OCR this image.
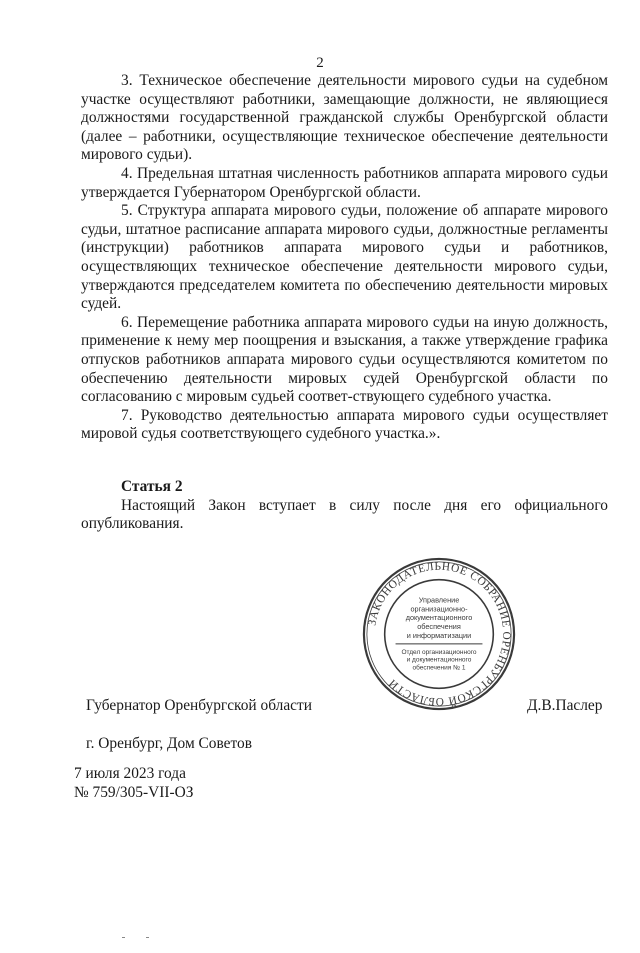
2

3. Техническое обеспечение деятельности мирового судьи на судебном участке осуществляют работники, замещающие должности, не являющиеся должностями государственной гражданской службы Оренбургской области (далее – работники, осуществляющие техническое обеспечение деятельности мирового судьи).

4. Предельная штатная численность работников аппарата мирового судьи утверждается Губернатором Оренбургской области.

5. Структура аппарата мирового судьи, положение об аппарате мирового судьи, штатное расписание аппарата мирового судьи, должностные регламенты (инструкции) работников аппарата мирового судьи и работников, осуществляющих техническое обеспечение деятельности мирового судьи, утверждаются председателем комитета по обеспечению деятельности мировых судей.

6. Перемещение работника аппарата мирового судьи на иную должность, применение к нему мер поощрения и взыскания, а также утверждение графика отпусков работников аппарата мирового судьи осуществляются комитетом по обеспечению деятельности мировых судей Оренбургской области по согласованию с мировым судьей соответ-ствующего судебного участка.

7. Руководство деятельностью аппарата мирового судьи осуществляет мировой судья соответствующего судебного участка.».

Статья 2

Настоящий Закон вступает в силу после дня его официального опубликования.

ЗАКОНОДАТЕЛЬНОЕ СОБРАНИЕ ОРЕНБУРГСКОЙ ОБЛАСТИ
Управление
организационно-
документационного
обеспечения
и информатизации
Отдел организационного
и документационного
обеспечения № 1
Губернатор Оренбургской области	Д.В.Паслер
г. Оренбург, Дом Советов
7 июля 2023 года
№ 759/305-VII-ОЗ
